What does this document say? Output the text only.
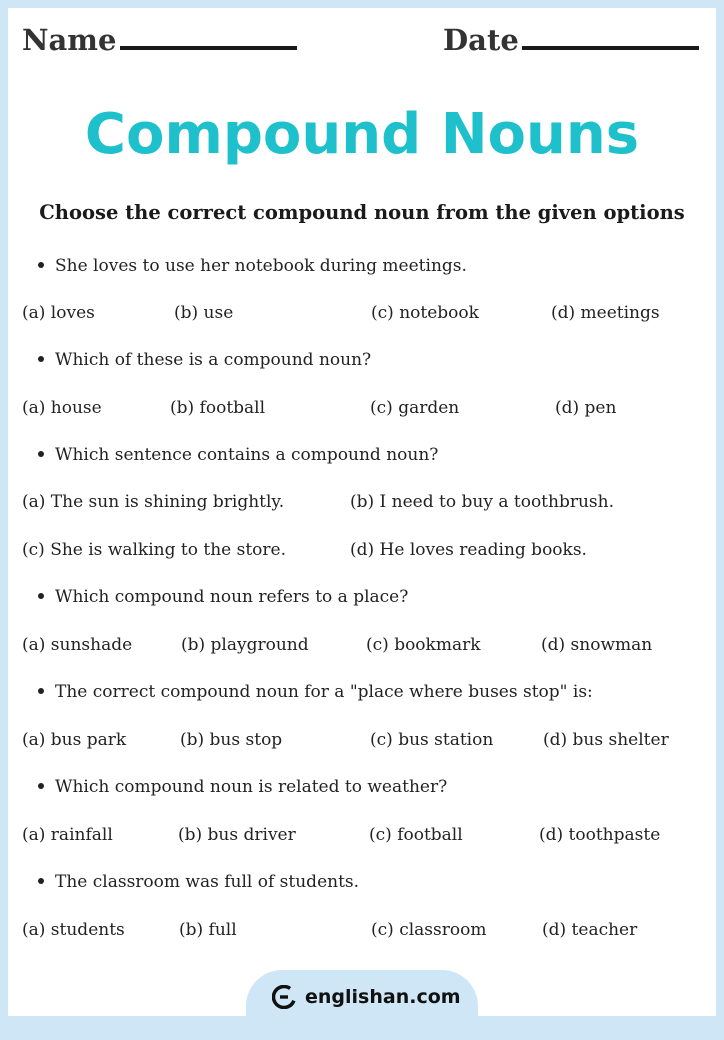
Name	Date
Compound Nouns
Choose the correct compound noun from the given options
She loves to use her notebook during meetings.
(a) loves	(b) use	(c) notebook	(d) meetings
Which of these is a compound noun?
(a) house	(b) football	(c) garden	(d) pen
Which sentence contains a compound noun?
(a) The sun is shining brightly.	(b) I need to buy a toothbrush.
(c) She is walking to the store.	(d) He loves reading books.
Which compound noun refers to a place?
(a) sunshade	(b) playground	(c) bookmark	(d) snowman
The correct compound noun for a "place where buses stop" is:
(a) bus park	(b) bus stop	(c) bus station	(d) bus shelter
Which compound noun is related to weather?
(a) rainfall	(b) bus driver	(c) football	(d) toothpaste
The classroom was full of students.
(a) students	(b) full	(c) classroom	(d) teacher
englishan.com
